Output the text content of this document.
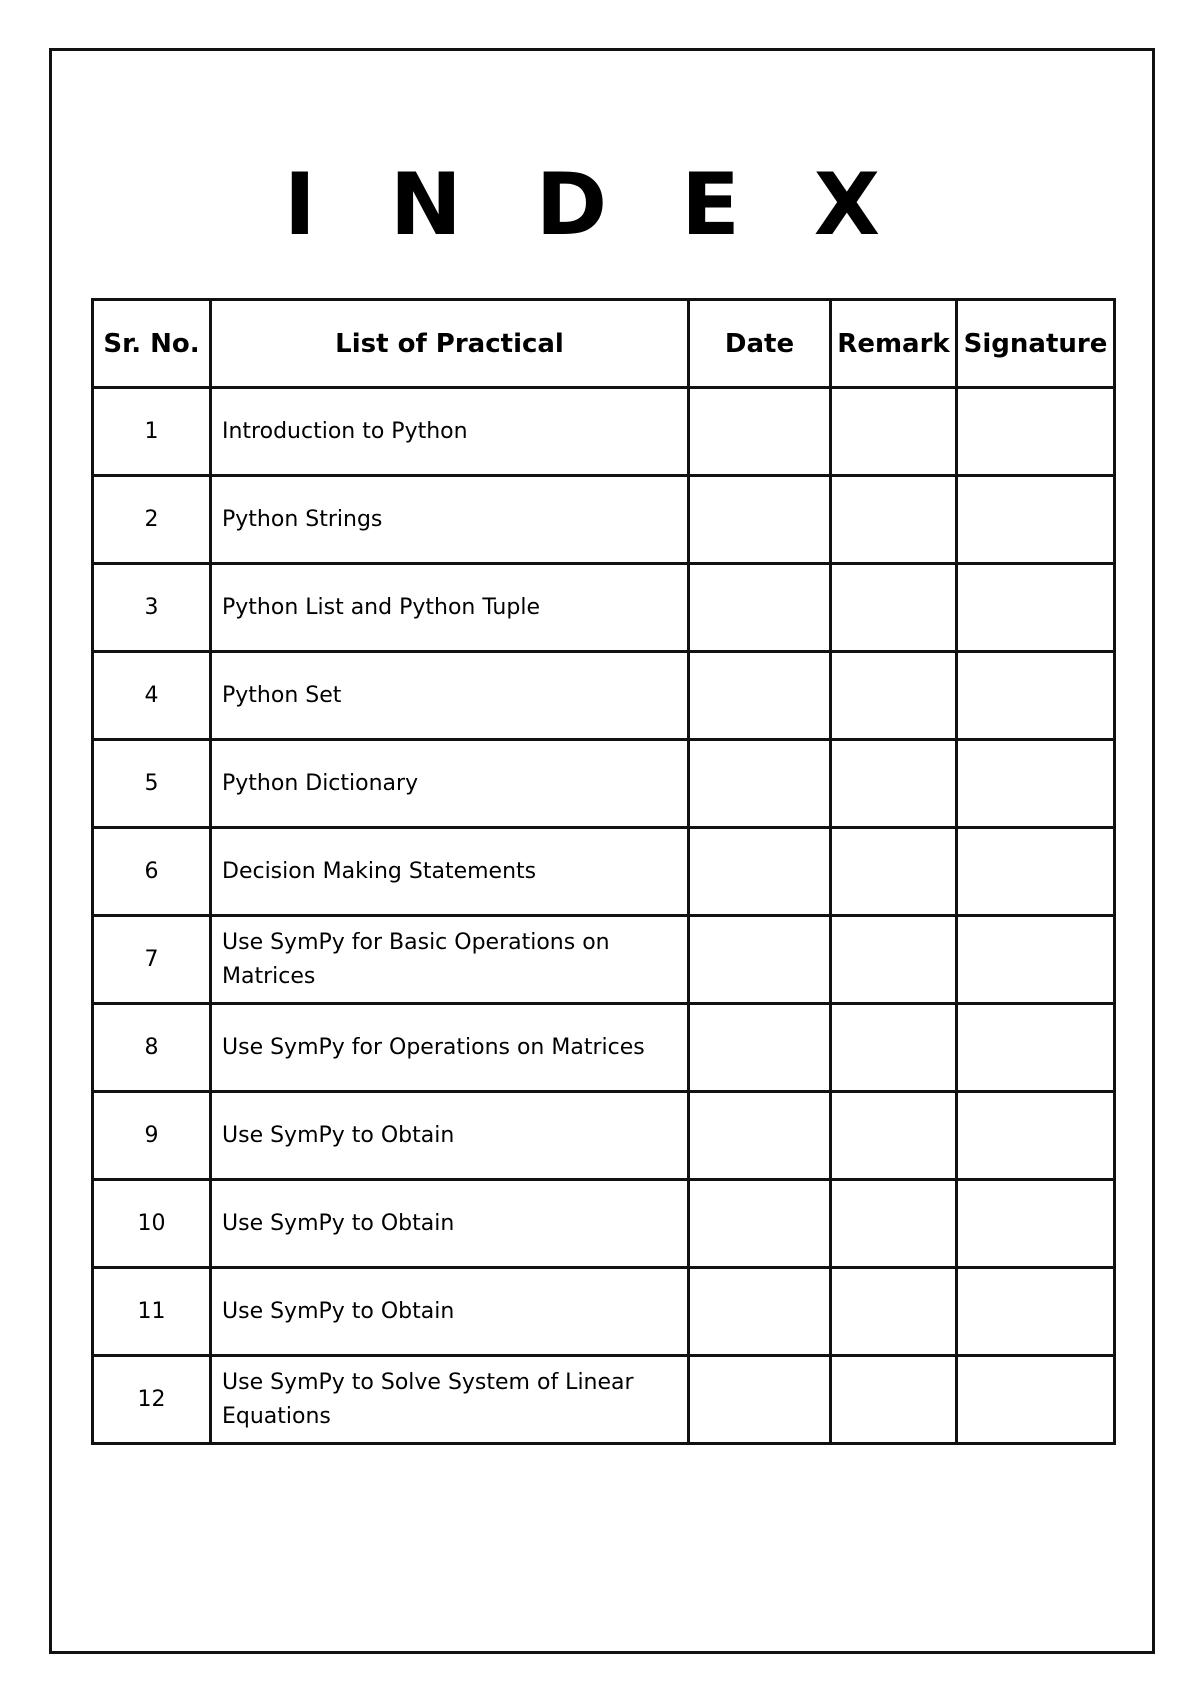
I N D E X
Sr. No.	List of Practical	Date	Remark	Signature
1	Introduction to Python			
2	Python Strings			
3	Python List and Python Tuple			
4	Python Set			
5	Python Dictionary			
6	Decision Making Statements			
7	Use SymPy for Basic Operations on Matrices			
8	Use SymPy for Operations on Matrices			
9	Use SymPy to Obtain			
10	Use SymPy to Obtain			
11	Use SymPy to Obtain			
12	Use SymPy to Solve System of Linear Equations			
